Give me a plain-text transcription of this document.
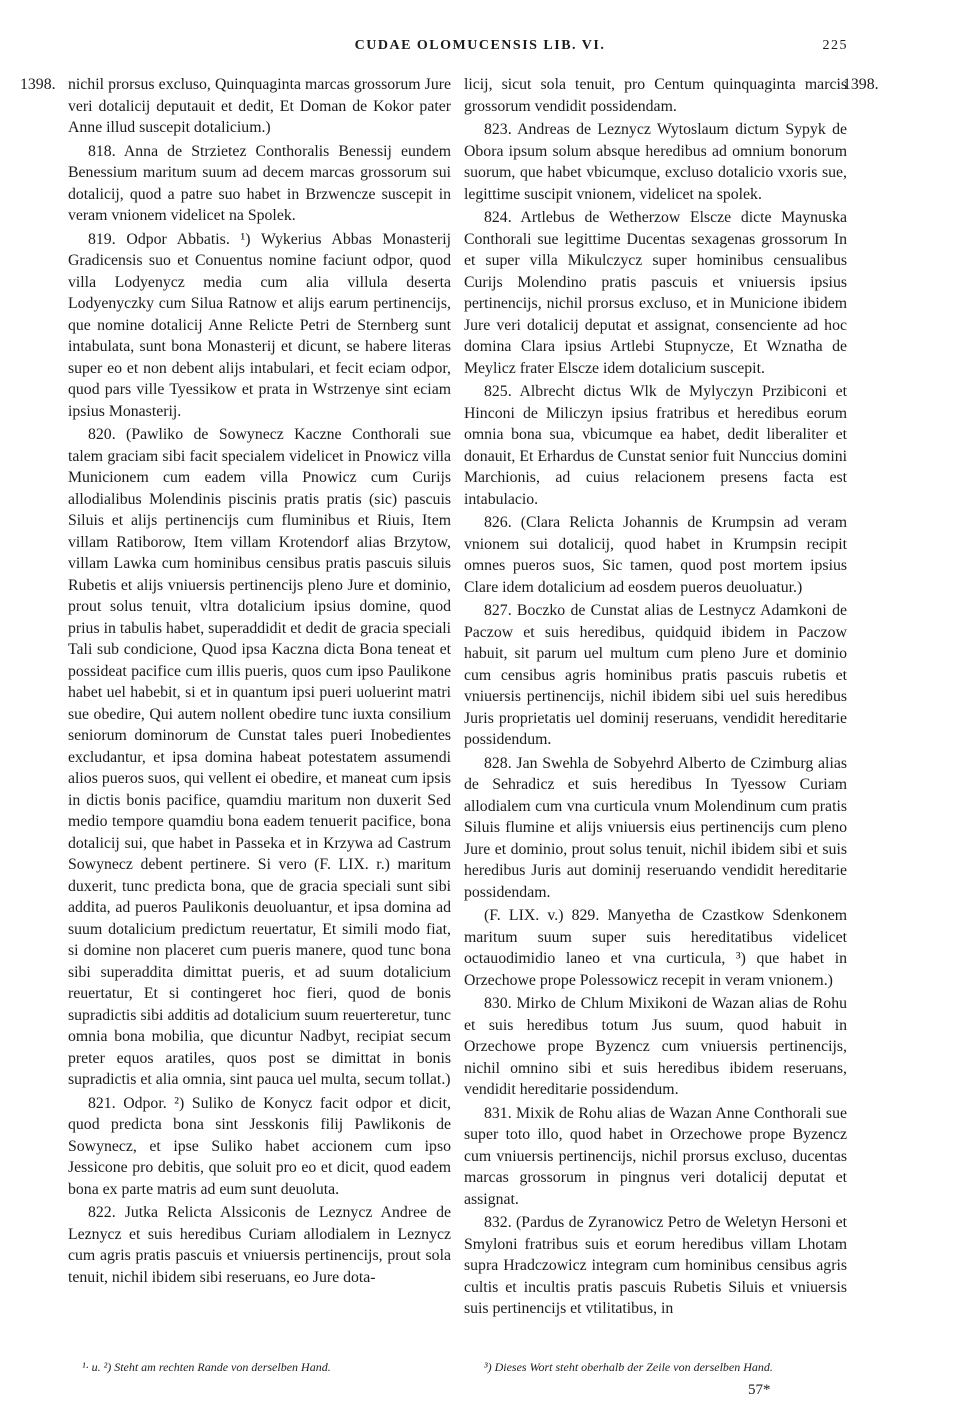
CUDAE OLOMUCENSIS LIB. VI.	225
1398.	1398.

nichil prorsus excluso, Quinquaginta marcas grossorum Jure veri dotalicij deputauit et dedit, Et Doman de Kokor pater Anne illud suscepit dotalicium.)

818. Anna de Strzietez Conthoralis Benessij eundem Benessium maritum suum ad decem marcas grossorum sui dotalicij, quod a patre suo habet in Brzwencze suscepit in veram vnionem videlicet na Spolek.

819. Odpor Abbatis. ¹) Wykerius Abbas Monasterij Gradicensis suo et Conuentus nomine faciunt odpor, quod villa Lodyenycz media cum alia villula deserta Lodyenyczky cum Silua Ratnow et alijs earum pertinencijs, que nomine dotalicij Anne Relicte Petri de Sternberg sunt intabulata, sunt bona Monasterij et dicunt, se habere literas super eo et non debent alijs intabulari, et fecit eciam odpor, quod pars ville Tyessikow et prata in Wstrzenye sint eciam ipsius Monasterij.

820. (Pawliko de Sowynecz Kaczne Conthorali sue talem graciam sibi facit specialem videlicet in Pnowicz villa Municionem cum eadem villa Pnowicz cum Curijs allodialibus Molendinis piscinis pratis pratis (sic) pascuis Siluis et alijs pertinencijs cum fluminibus et Riuis, Item villam Ratiborow, Item villam Krotendorf alias Brzytow, villam Lawka cum hominibus censibus pratis pascuis siluis Rubetis et alijs vniuersis pertinencijs pleno Jure et dominio, prout solus tenuit, vltra dotalicium ipsius domine, quod prius in tabulis habet, superaddidit et dedit de gracia speciali Tali sub condicione, Quod ipsa Kaczna dicta Bona teneat et possideat pacifice cum illis pueris, quos cum ipso Paulikone habet uel habebit, si et in quantum ipsi pueri uoluerint matri sue obedire, Qui autem nollent obedire tunc iuxta consilium seniorum dominorum de Cunstat tales pueri Inobedientes excludantur, et ipsa domina habeat potestatem assumendi alios pueros suos, qui vellent ei obedire, et maneat cum ipsis in dictis bonis pacifice, quamdiu maritum non duxerit Sed medio tempore quamdiu bona eadem tenuerit pacifice, bona dotalicij sui, que habet in Passeka et in Krzywa ad Castrum Sowynecz debent pertinere. Si vero (F. LIX. r.) maritum duxerit, tunc predicta bona, que de gracia speciali sunt sibi addita, ad pueros Paulikonis deuoluantur, et ipsa domina ad suum dotalicium predictum reuertatur, Et simili modo fiat, si domine non placeret cum pueris manere, quod tunc bona sibi superaddita dimittat pueris, et ad suum dotalicium reuertatur, Et si contingeret hoc fieri, quod de bonis supradictis sibi additis ad dotalicium suum reuerteretur, tunc omnia bona mobilia, que dicuntur Nadbyt, recipiat secum preter equos aratiles, quos post se dimittat in bonis supradictis et alia omnia, sint pauca uel multa, secum tollat.)

821. Odpor. ²) Suliko de Konycz facit odpor et dicit, quod predicta bona sint Jesskonis filij Pawlikonis de Sowynecz, et ipse Suliko habet accionem cum ipso Jessicone pro debitis, que soluit pro eo et dicit, quod eadem bona ex parte matris ad eum sunt deuoluta.

822. Jutka Relicta Alssiconis de Leznycz Andree de Leznycz et suis heredibus Curiam allodialem in Leznycz cum agris pratis pascuis et vniuersis pertinencijs, prout sola tenuit, nichil ibidem sibi reseruans, eo Jure dota-

licij, sicut sola tenuit, pro Centum quinquaginta marcis grossorum vendidit possidendam.

823. Andreas de Leznycz Wytoslaum dictum Sypyk de Obora ipsum solum absque heredibus ad omnium bonorum suorum, que habet vbicumque, excluso dotalicio vxoris sue, legittime suscipit vnionem, videlicet na spolek.

824. Artlebus de Wetherzow Elscze dicte Maynuska Conthorali sue legittime Ducentas sexagenas grossorum In et super villa Mikulczycz super hominibus censualibus Curijs Molendino pratis pascuis et vniuersis ipsius pertinencijs, nichil prorsus excluso, et in Municione ibidem Jure veri dotalicij deputat et assignat, consenciente ad hoc domina Clara ipsius Artlebi Stupnycze, Et Wznatha de Meylicz frater Elscze idem dotalicium suscepit.

825. Albrecht dictus Wlk de Mylyczyn Przibiconi et Hinconi de Miliczyn ipsius fratribus et heredibus eorum omnia bona sua, vbicumque ea habet, dedit liberaliter et donauit, Et Erhardus de Cunstat senior fuit Nunccius domini Marchionis, ad cuius relacionem presens facta est intabulacio.

826. (Clara Relicta Johannis de Krumpsin ad veram vnionem sui dotalicij, quod habet in Krumpsin recipit omnes pueros suos, Sic tamen, quod post mortem ipsius Clare idem dotalicium ad eosdem pueros deuoluatur.)

827. Boczko de Cunstat alias de Lestnycz Adamkoni de Paczow et suis heredibus, quidquid ibidem in Paczow habuit, sit parum uel multum cum pleno Jure et dominio cum censibus agris hominibus pratis pascuis rubetis et vniuersis pertinencijs, nichil ibidem sibi uel suis heredibus Juris proprietatis uel dominij reseruans, vendidit hereditarie possidendum.

828. Jan Swehla de Sobyehrd Alberto de Czimburg alias de Sehradicz et suis heredibus In Tyessow Curiam allodialem cum vna curticula vnum Molendinum cum pratis Siluis flumine et alijs vniuersis eius pertinencijs cum pleno Jure et dominio, prout solus tenuit, nichil ibidem sibi et suis heredibus Juris aut dominij reseruando vendidit hereditarie possidendam.

(F. LIX. v.) 829. Manyetha de Czastkow Sdenkonem maritum suum super suis hereditatibus videlicet octauodimidio laneo et vna curticula, ³) que habet in Orzechowe prope Polessowicz recepit in veram vnionem.)

830. Mirko de Chlum Mixikoni de Wazan alias de Rohu et suis heredibus totum Jus suum, quod habuit in Orzechowe prope Byzencz cum vniuersis pertinencijs, nichil omnino sibi et suis heredibus ibidem reseruans, vendidit hereditarie possidendum.

831. Mixik de Rohu alias de Wazan Anne Conthorali sue super toto illo, quod habet in Orzechowe prope Byzencz cum vniuersis pertinencijs, nichil prorsus excluso, ducentas marcas grossorum in pingnus veri dotalicij deputat et assignat.

832. (Pardus de Zyranowicz Petro de Weletyn Hersoni et Smyloni fratribus suis et eorum heredibus villam Lhotam supra Hradczowicz integram cum hominibus censibus agris cultis et incultis pratis pascuis Rubetis Siluis et vniuersis suis pertinencijs et vtilitatibus, in

¹· u. ²) Steht am rechten Rande von derselben Hand.	³) Dieses Wort steht oberhalb der Zeile von derselben Hand.
57*
